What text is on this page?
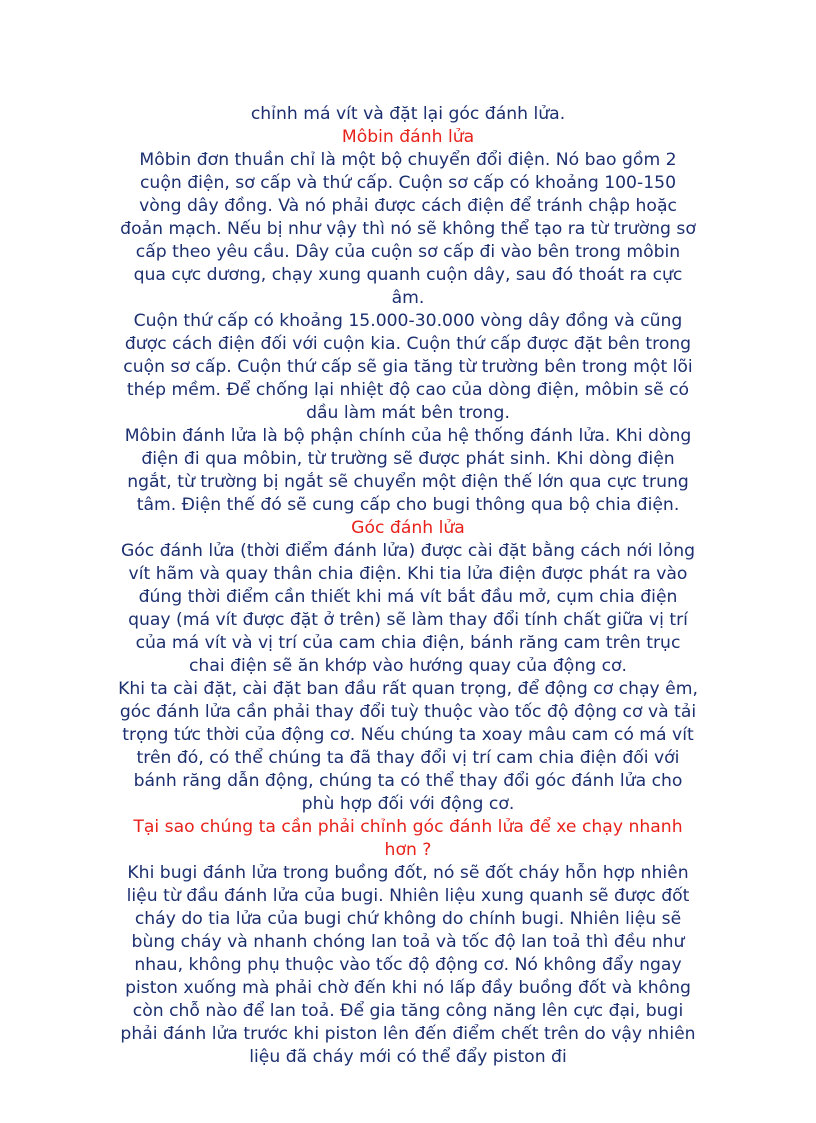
chỉnh má vít và đặt lại góc đánh lửa.

Môbin đánh lửa

Môbin đơn thuần chỉ là một bộ chuyển đổi điện. Nó bao gồm 2 cuộn điện, sơ cấp và thứ cấp. Cuộn sơ cấp có khoảng 100-150 vòng dây đồng. Và nó phải được cách điện để tránh chập hoặc đoản mạch. Nếu bị như vậy thì nó sẽ không thể tạo ra từ trường sơ cấp theo yêu cầu. Dây của cuộn sơ cấp đi vào bên trong môbin qua cực dương, chạy xung quanh cuộn dây, sau đó thoát ra cực âm.

Cuộn thứ cấp có khoảng 15.000-30.000 vòng dây đồng và cũng được cách điện đối với cuộn kia. Cuộn thứ cấp được đặt bên trong cuộn sơ cấp. Cuộn thứ cấp sẽ gia tăng từ trường bên trong một lõi thép mềm. Để chống lại nhiệt độ cao của dòng điện, môbin sẽ có dầu làm mát bên trong.

Môbin đánh lửa là bộ phận chính của hệ thống đánh lửa. Khi dòng điện đi qua môbin, từ trường sẽ được phát sinh. Khi dòng điện ngắt, từ trường bị ngắt sẽ chuyển một điện thế lớn qua cực trung tâm. Điện thế đó sẽ cung cấp cho bugi thông qua bộ chia điện.

Góc đánh lửa

Góc đánh lửa (thời điểm đánh lửa) được cài đặt bằng cách nới lỏng vít hãm và quay thân chia điện. Khi tia lửa điện được phát ra vào đúng thời điểm cần thiết khi má vít bắt đầu mở, cụm chia điện quay (má vít được đặt ở trên) sẽ làm thay đổi tính chất giữa vị trí của má vít và vị trí của cam chia điện, bánh răng cam trên trục chai điện sẽ ăn khớp vào hướng quay của động cơ.

Khi ta cài đặt, cài đặt ban đầu rất quan trọng, để động cơ chạy êm, góc đánh lửa cần phải thay đổi tuỳ thuộc vào tốc độ động cơ và tải trọng tức thời của động cơ. Nếu chúng ta xoay mâu cam có má vít trên đó, có thể chúng ta đã thay đổi vị trí cam chia điện đối với bánh răng dẫn động, chúng ta có thể thay đổi góc đánh lửa cho phù hợp đối với động cơ.

Tại sao chúng ta cần phải chỉnh góc đánh lửa để xe chạy nhanh hơn ?

Khi bugi đánh lửa trong buồng đốt, nó sẽ đốt cháy hỗn hợp nhiên liệu từ đầu đánh lửa của bugi. Nhiên liệu xung quanh sẽ được đốt cháy do tia lửa của bugi chứ không do chính bugi. Nhiên liệu sẽ bùng cháy và nhanh chóng lan toả và tốc độ lan toả thì đều như nhau, không phụ thuộc vào tốc độ động cơ. Nó không đẩy ngay piston xuống mà phải chờ đến khi nó lấp đầy buồng đốt và không còn chỗ nào để lan toả. Để gia tăng công năng lên cực đại, bugi phải đánh lửa trước khi piston lên đến điểm chết trên do vậy nhiên liệu đã cháy mới có thể đẩy piston đi
